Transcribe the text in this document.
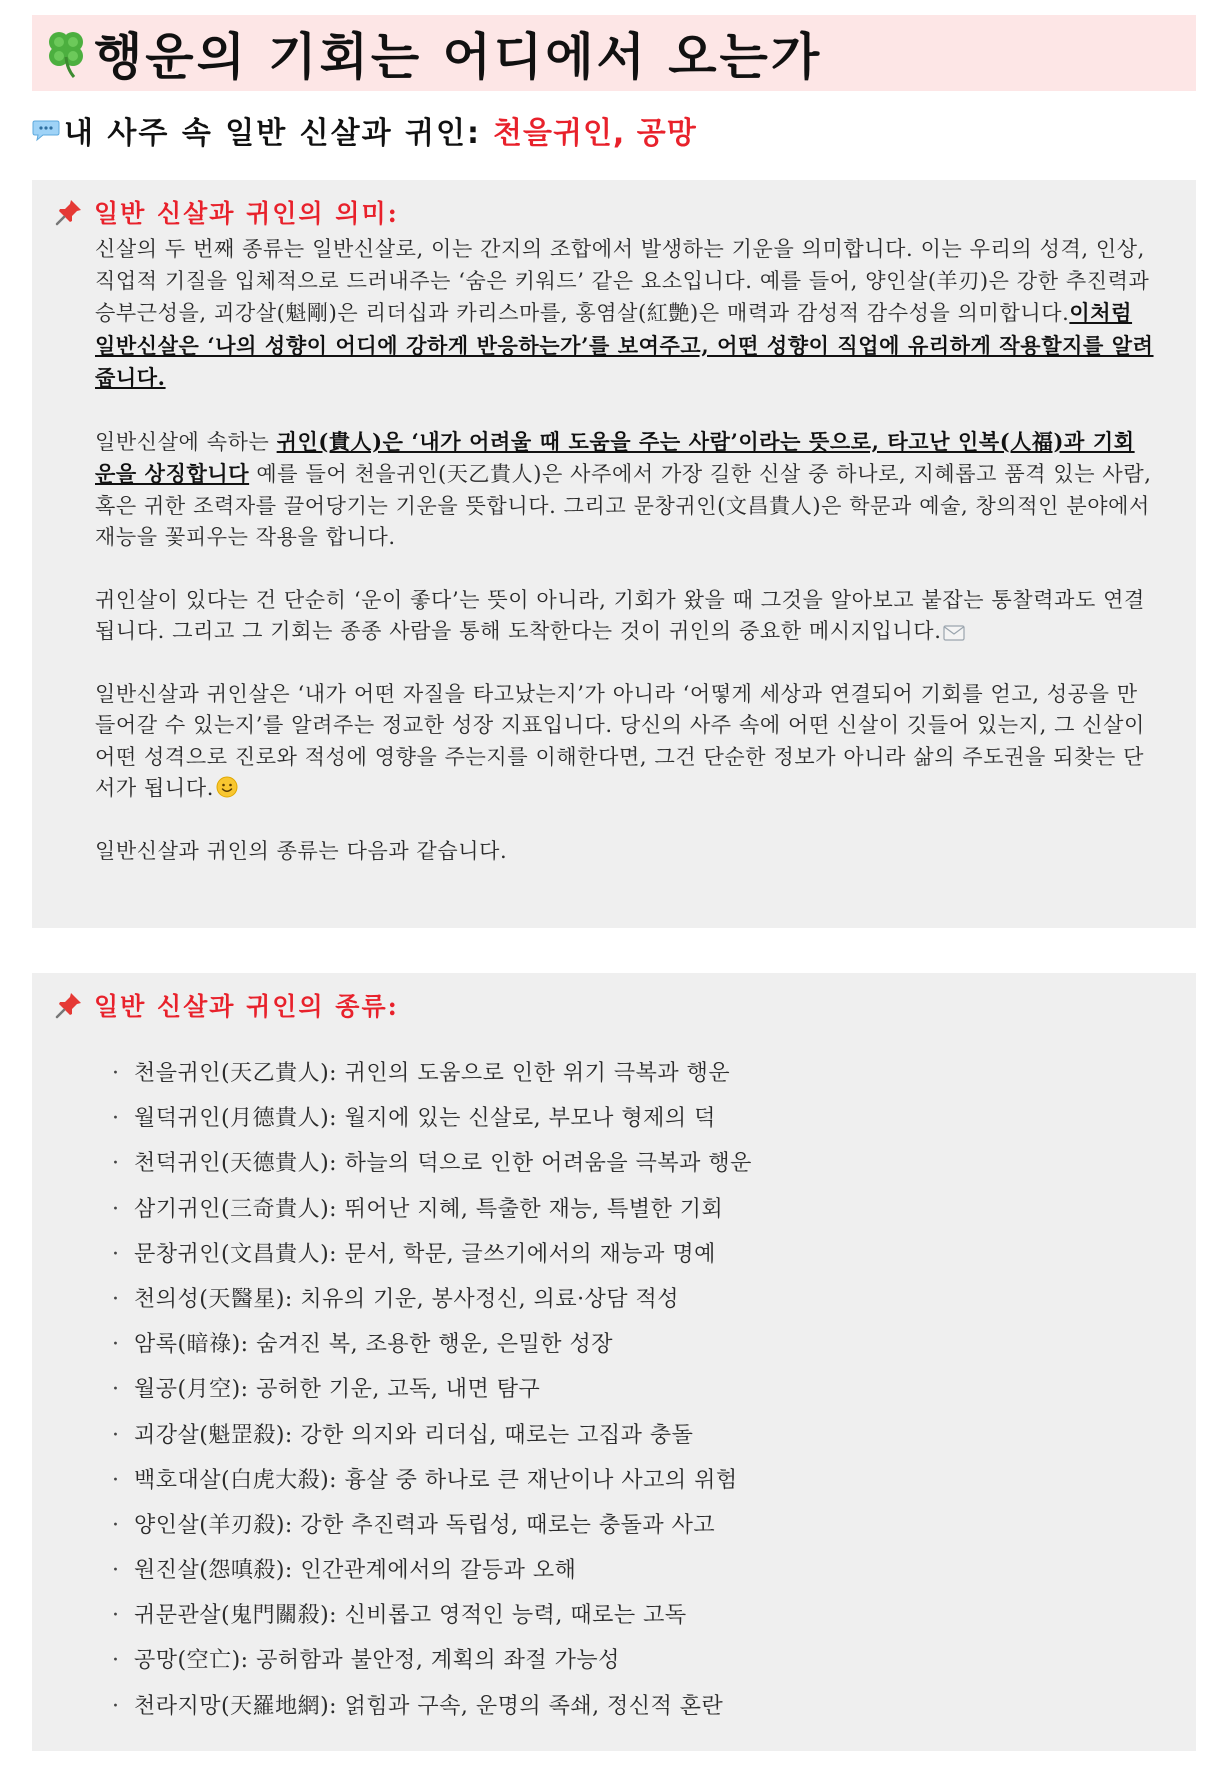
행운의 기회는 어디에서 오는가
내 사주 속 일반 신살과 귀인: 천을귀인, 공망
일반 신살과 귀인의 의미:

신살의 두 번째 종류는 일반신살로, 이는 간지의 조합에서 발생하는 기운을 의미합니다. 이는 우리의 성격, 인상, 직업적 기질을 입체적으로 드러내주는 ‘숨은 키워드’ 같은 요소입니다. 예를 들어, 양인살(羊刃)은 강한 추진력과 승부근성을, 괴강살(魁剛)은 리더십과 카리스마를, 홍염살(紅艶)은 매력과 감성적 감수성을 의미합니다.이처럼 일반신살은 ‘나의 성향이 어디에 강하게 반응하는가’를 보여주고, 어떤 성향이 직업에 유리하게 작용할지를 알려줍니다.

일반신살에 속하는 귀인(貴人)은 ‘내가 어려울 때 도움을 주는 사람’이라는 뜻으로, 타고난 인복(人福)과 기회 운을 상징합니다 예를 들어 천을귀인(天乙貴人)은 사주에서 가장 길한 신살 중 하나로, 지혜롭고 품격 있는 사람, 혹은 귀한 조력자를 끌어당기는 기운을 뜻합니다. 그리고 문창귀인(文昌貴人)은 학문과 예술, 창의적인 분야에서 재능을 꽃피우는 작용을 합니다.

귀인살이 있다는 건 단순히 ‘운이 좋다’는 뜻이 아니라, 기회가 왔을 때 그것을 알아보고 붙잡는 통찰력과도 연결됩니다. 그리고 그 기회는 종종 사람을 통해 도착한다는 것이 귀인의 중요한 메시지입니다.

일반신살과 귀인살은 ‘내가 어떤 자질을 타고났는지’가 아니라 ‘어떻게 세상과 연결되어 기회를 얻고, 성공을 만들어갈 수 있는지’를 알려주는 정교한 성장 지표입니다. 당신의 사주 속에 어떤 신살이 깃들어 있는지, 그 신살이 어떤 성격으로 진로와 적성에 영향을 주는지를 이해한다면, 그건 단순한 정보가 아니라 삶의 주도권을 되찾는 단서가 됩니다.

일반신살과 귀인의 종류는 다음과 같습니다.

일반 신살과 귀인의 종류:
· 천을귀인(天乙貴人): 귀인의 도움으로 인한 위기 극복과 행운
· 월덕귀인(月德貴人): 월지에 있는 신살로, 부모나 형제의 덕
· 천덕귀인(天德貴人): 하늘의 덕으로 인한 어려움을 극복과 행운
· 삼기귀인(三奇貴人): 뛰어난 지혜, 특출한 재능, 특별한 기회
· 문창귀인(文昌貴人): 문서, 학문, 글쓰기에서의 재능과 명예
· 천의성(天醫星): 치유의 기운, 봉사정신, 의료·상담 적성
· 암록(暗祿): 숨겨진 복, 조용한 행운, 은밀한 성장
· 월공(月空): 공허한 기운, 고독, 내면 탐구
· 괴강살(魁罡殺): 강한 의지와 리더십, 때로는 고집과 충돌
· 백호대살(白虎大殺): 흉살 중 하나로 큰 재난이나 사고의 위험
· 양인살(羊刃殺): 강한 추진력과 독립성, 때로는 충돌과 사고
· 원진살(怨嗔殺): 인간관계에서의 갈등과 오해
· 귀문관살(鬼門關殺): 신비롭고 영적인 능력, 때로는 고독
· 공망(空亡): 공허함과 불안정, 계획의 좌절 가능성
· 천라지망(天羅地網): 얽힘과 구속, 운명의 족쇄, 정신적 혼란
